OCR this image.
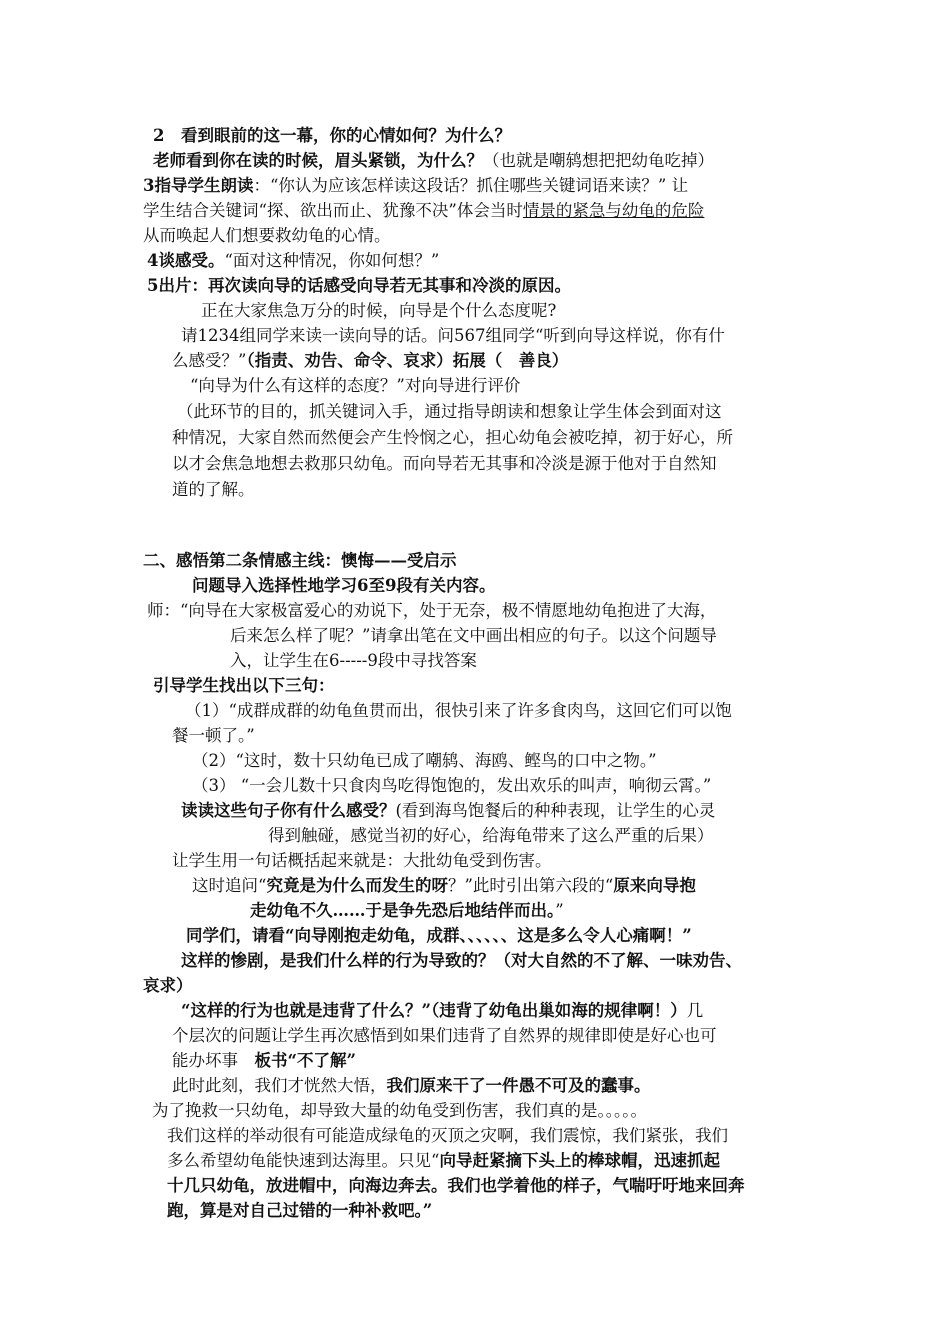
2　看到眼前的这一幕，你的心情如何？为什么？
老师看到你在读的时候，眉头紧锁，为什么？（也就是嘲鸫想把把幼龟吃掉）
3指导学生朗读：“你认为应该怎样读这段话？抓住哪些关键词语来读？” 让
学生结合关键词“探、欲出而止、犹豫不决”体会当时情景的紧急与幼龟的危险
从而唤起人们想要救幼龟的心情。
4谈感受。“面对这种情况，你如何想？”
5出片：再次读向导的话感受向导若无其事和冷淡的原因。
正在大家焦急万分的时候，向导是个什么态度呢?
请1234组同学来读一读向导的话。问567组同学“听到向导这样说，你有什
么感受？”（指责、劝告、命令、哀求）拓展（　善良）
“向导为什么有这样的态度？”对向导进行评价
（此环节的目的，抓关键词入手，通过指导朗读和想象让学生体会到面对这
种情况，大家自然而然便会产生怜悯之心，担心幼龟会被吃掉，初于好心，所
以才会焦急地想去救那只幼龟。而向导若无其事和冷淡是源于他对于自然知
道的了解。
二、感悟第二条情感主线：懊悔——受启示
问题导入选择性地学习6至9段有关内容。
师：“向导在大家极富爱心的劝说下，处于无奈，极不情愿地幼龟抱进了大海，
后来怎么样了呢？”请拿出笔在文中画出相应的句子。以这个问题导
入，让学生在6-----9段中寻找答案
引导学生找出以下三句：
（1）“成群成群的幼龟鱼贯而出，很快引来了许多食肉鸟，这回它们可以饱
餐一顿了。”
（2）“这时，数十只幼龟已成了嘲鸫、海鸥、鲣鸟的口中之物。”
（3） “一会儿数十只食肉鸟吃得饱饱的，发出欢乐的叫声，响彻云霄。”
读读这些句子你有什么感受？(看到海鸟饱餐后的种种表现，让学生的心灵
得到触碰，感觉当初的好心，给海龟带来了这么严重的后果）
让学生用一句话概括起来就是：大批幼龟受到伤害。
这时追问“究竟是为什么而发生的呀？”此时引出第六段的“原来向导抱
走幼龟不久……于是争先恐后地结伴而出。”
同学们，请看“向导刚抱走幼龟，成群、、、、、、这是多么令人心痛啊！”
这样的惨剧，是我们什么样的行为导致的？（对大自然的不了解、一味劝告、
哀求）
“这样的行为也就是违背了什么？”（违背了幼龟出巢如海的规律啊！）几
个层次的问题让学生再次感悟到如果们违背了自然界的规律即使是好心也可
能办坏事　板书“不了解”
此时此刻，我们才恍然大悟，我们原来干了一件愚不可及的蠢事。
为了挽救一只幼龟，却导致大量的幼龟受到伤害，我们真的是。。。。。
我们这样的举动很有可能造成绿龟的灭顶之灾啊，我们震惊，我们紧张，我们
多么希望幼龟能快速到达海里。只见“向导赶紧摘下头上的棒球帽，迅速抓起
十几只幼龟，放进帽中，向海边奔去。我们也学着他的样子，气喘吁吁地来回奔
跑，算是对自己过错的一种补救吧。”
